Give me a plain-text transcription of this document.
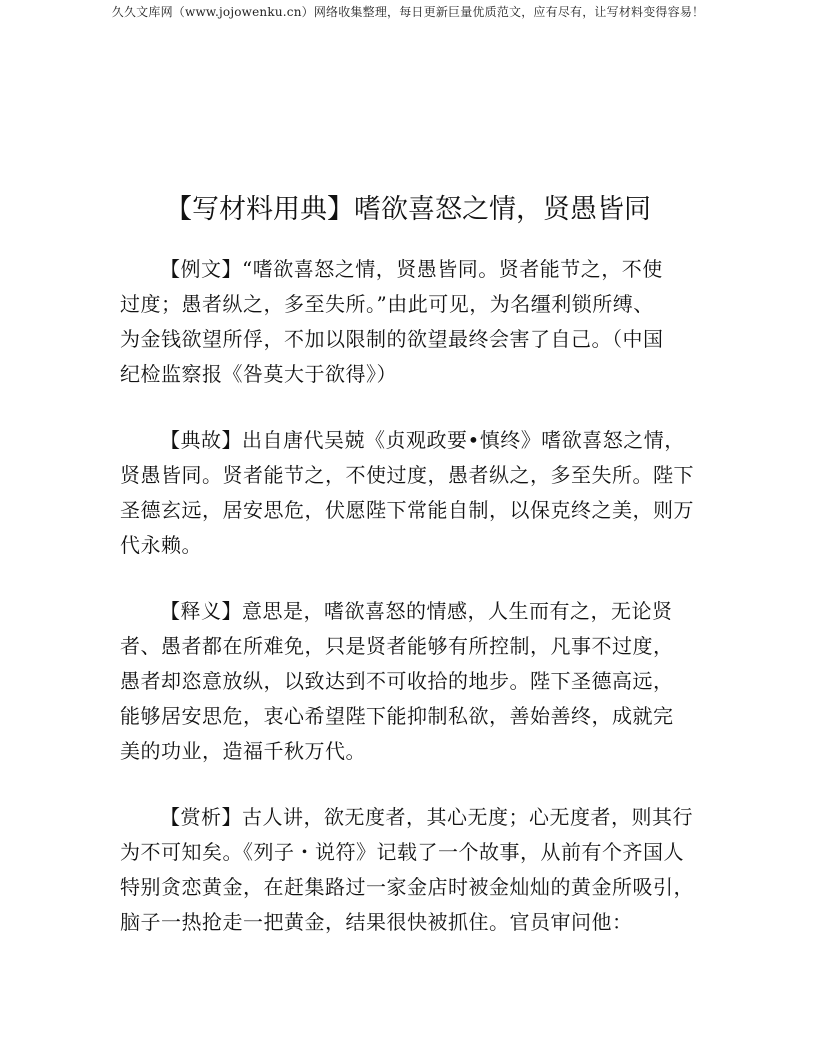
久久文库网（www.jojowenku.cn）网络收集整理，每日更新巨量优质范文，应有尽有，让写材料变得容易！
【写材料用典】嗜欲喜怒之情，贤愚皆同
【例文】“嗜欲喜怒之情，贤愚皆同。贤者能节之，不使
过度；愚者纵之，多至失所。”由此可见，为名缰利锁所缚、
为金钱欲望所俘，不加以限制的欲望最终会害了自己。（中国
纪检监察报《咎莫大于欲得》）
【典故】出自唐代吴兢《贞观政要•慎终》嗜欲喜怒之情，
贤愚皆同。贤者能节之，不使过度，愚者纵之，多至失所。陛下
圣德玄远，居安思危，伏愿陛下常能自制，以保克终之美，则万
代永赖。
【释义】意思是，嗜欲喜怒的情感，人生而有之，无论贤
者、愚者都在所难免，只是贤者能够有所控制，凡事不过度，
愚者却恣意放纵，以致达到不可收拾的地步。陛下圣德高远，
能够居安思危，衷心希望陛下能抑制私欲，善始善终，成就完
美的功业，造福千秋万代。
【赏析】古人讲，欲无度者，其心无度；心无度者，则其行
为不可知矣。《列子・说符》记载了一个故事，从前有个齐国人
特别贪恋黄金，在赶集路过一家金店时被金灿灿的黄金所吸引，
脑子一热抢走一把黄金，结果很快被抓住。官员审问他：
